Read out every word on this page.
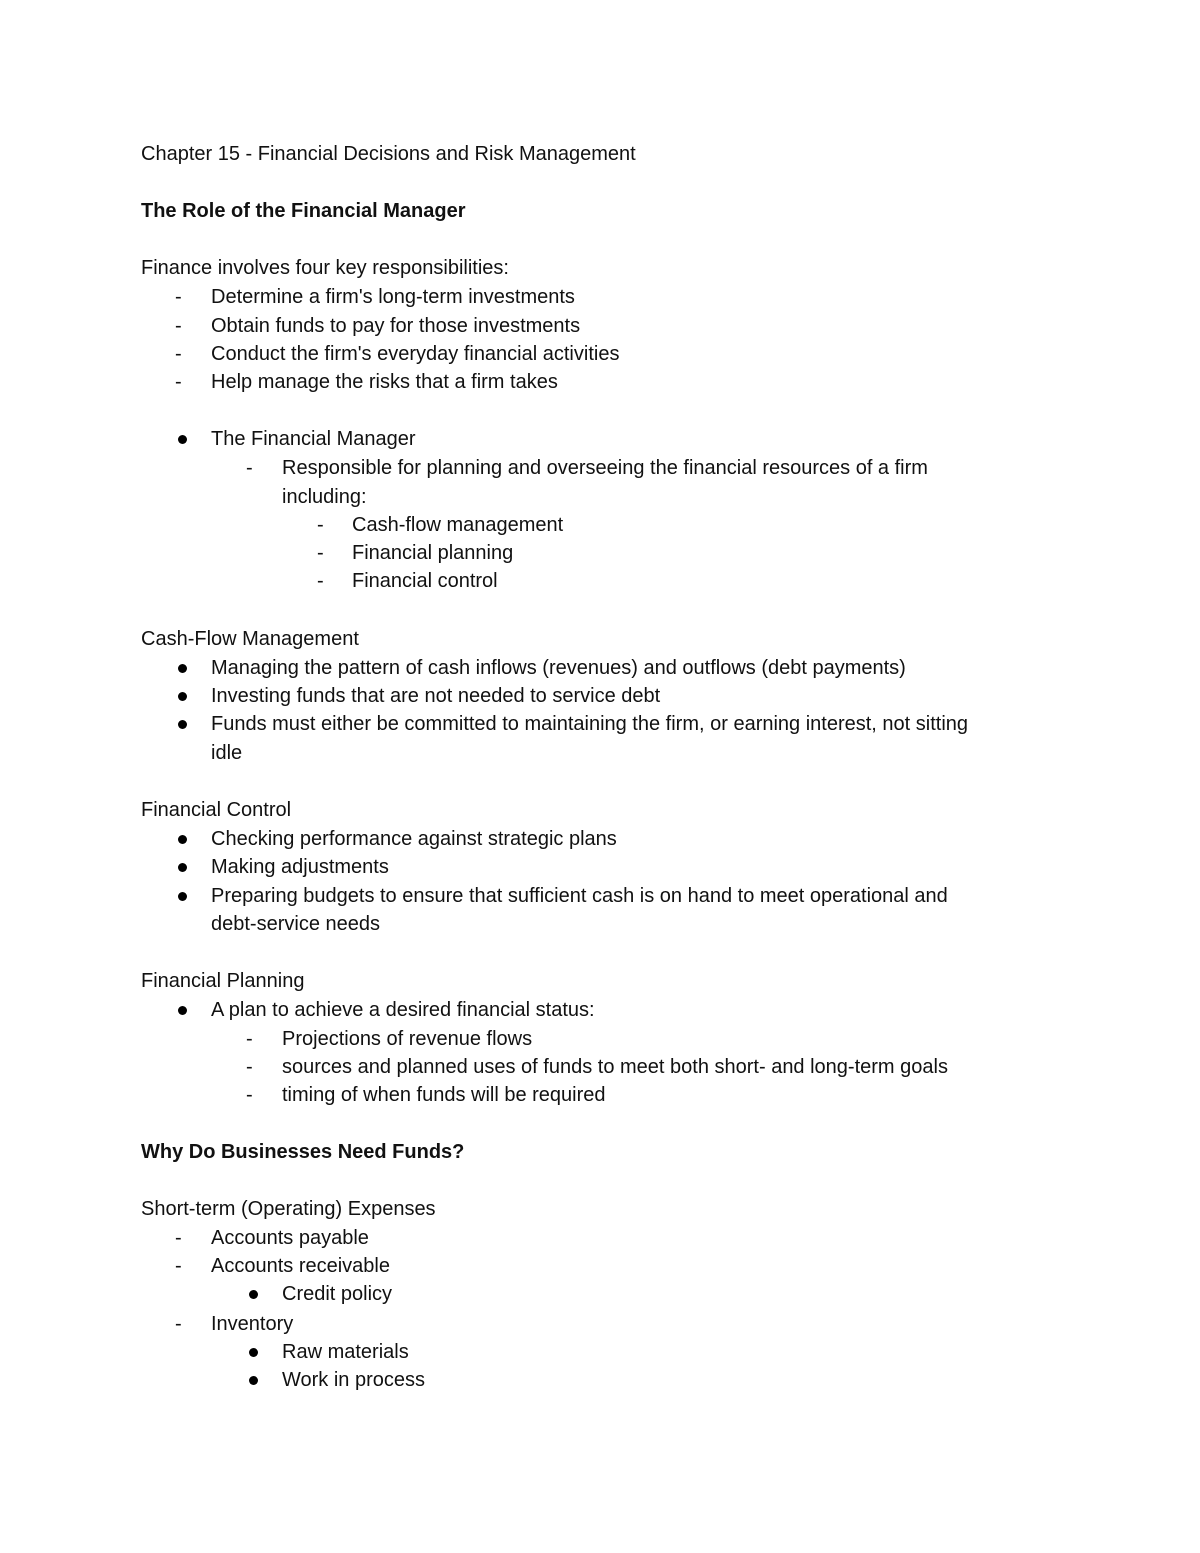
Chapter 15 - Financial Decisions and Risk Management
The Role of the Financial Manager
Finance involves four key responsibilities:
- Determine a firm's long-term investments
- Obtain funds to pay for those investments
- Conduct the firm's everyday financial activities
- Help manage the risks that a firm takes
The Financial Manager
- Responsible for planning and overseeing the financial resources of a firm
including:
- Cash-flow management
- Financial planning
- Financial control
Cash-Flow Management
Managing the pattern of cash inflows (revenues) and outflows (debt payments)
Investing funds that are not needed to service debt
Funds must either be committed to maintaining the firm, or earning interest, not sitting
idle
Financial Control
Checking performance against strategic plans
Making adjustments
Preparing budgets to ensure that sufficient cash is on hand to meet operational and
debt-service needs
Financial Planning
A plan to achieve a desired financial status:
- Projections of revenue flows
- sources and planned uses of funds to meet both short- and long-term goals
- timing of when funds will be required
Why Do Businesses Need Funds?
Short-term (Operating) Expenses
- Accounts payable
- Accounts receivable
Credit policy
- Inventory
Raw materials
Work in process
